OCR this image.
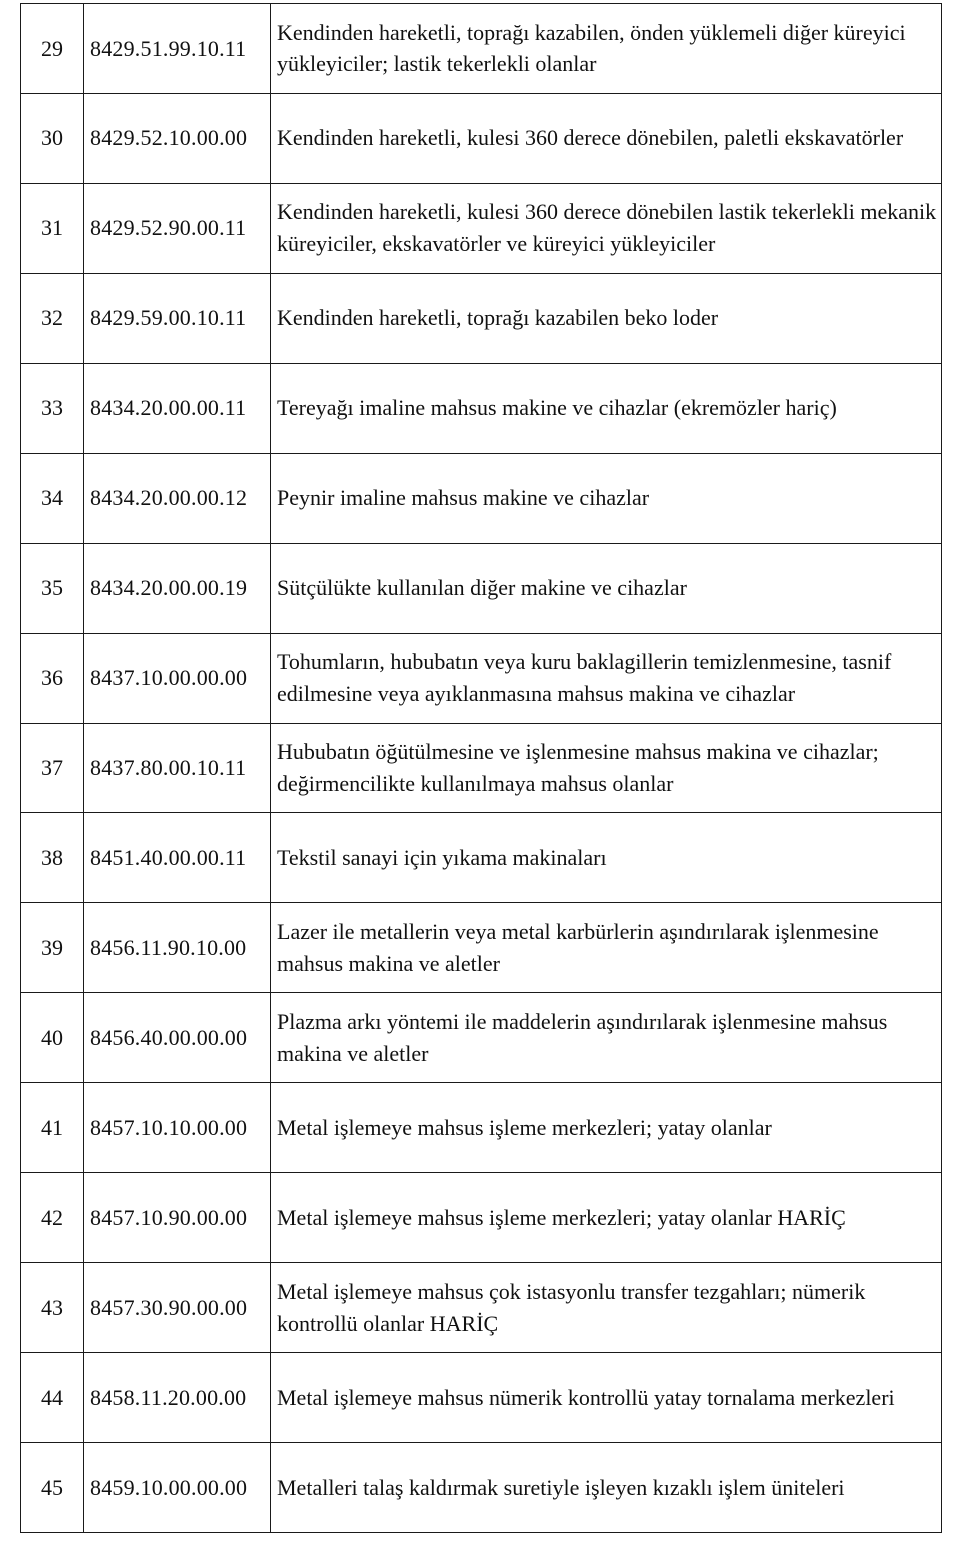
29	8429.51.99.10.11	Kendinden hareketli, toprağı kazabilen, önden yüklemeli diğer küreyici yükleyiciler; lastik tekerlekli olanlar
30	8429.52.10.00.00	Kendinden hareketli, kulesi 360 derece dönebilen, paletli ekskavatörler
31	8429.52.90.00.11	Kendinden hareketli, kulesi 360 derece dönebilen lastik tekerlekli mekanik küreyiciler, ekskavatörler ve küreyici yükleyiciler
32	8429.59.00.10.11	Kendinden hareketli, toprağı kazabilen beko loder
33	8434.20.00.00.11	Tereyağı imaline mahsus makine ve cihazlar (ekremözler hariç)
34	8434.20.00.00.12	Peynir imaline mahsus makine ve cihazlar
35	8434.20.00.00.19	Sütçülükte kullanılan diğer makine ve cihazlar
36	8437.10.00.00.00	Tohumların, hububatın veya kuru baklagillerin temizlenmesine, tasnif edilmesine veya ayıklanmasına mahsus makina ve cihazlar
37	8437.80.00.10.11	Hububatın öğütülmesine ve işlenmesine mahsus makina ve cihazlar; değirmencilikte kullanılmaya mahsus olanlar
38	8451.40.00.00.11	Tekstil sanayi için yıkama makinaları
39	8456.11.90.10.00	Lazer ile metallerin veya metal karbürlerin aşındırılarak işlenmesine mahsus makina ve aletler
40	8456.40.00.00.00	Plazma arkı yöntemi ile maddelerin aşındırılarak işlenmesine mahsus makina ve aletler
41	8457.10.10.00.00	Metal işlemeye mahsus işleme merkezleri; yatay olanlar
42	8457.10.90.00.00	Metal işlemeye mahsus işleme merkezleri; yatay olanlar HARİÇ
43	8457.30.90.00.00	Metal işlemeye mahsus çok istasyonlu transfer tezgahları; nümerik kontrollü olanlar HARİÇ
44	8458.11.20.00.00	Metal işlemeye mahsus nümerik kontrollü yatay tornalama merkezleri
45	8459.10.00.00.00	Metalleri talaş kaldırmak suretiyle işleyen kızaklı işlem üniteleri
